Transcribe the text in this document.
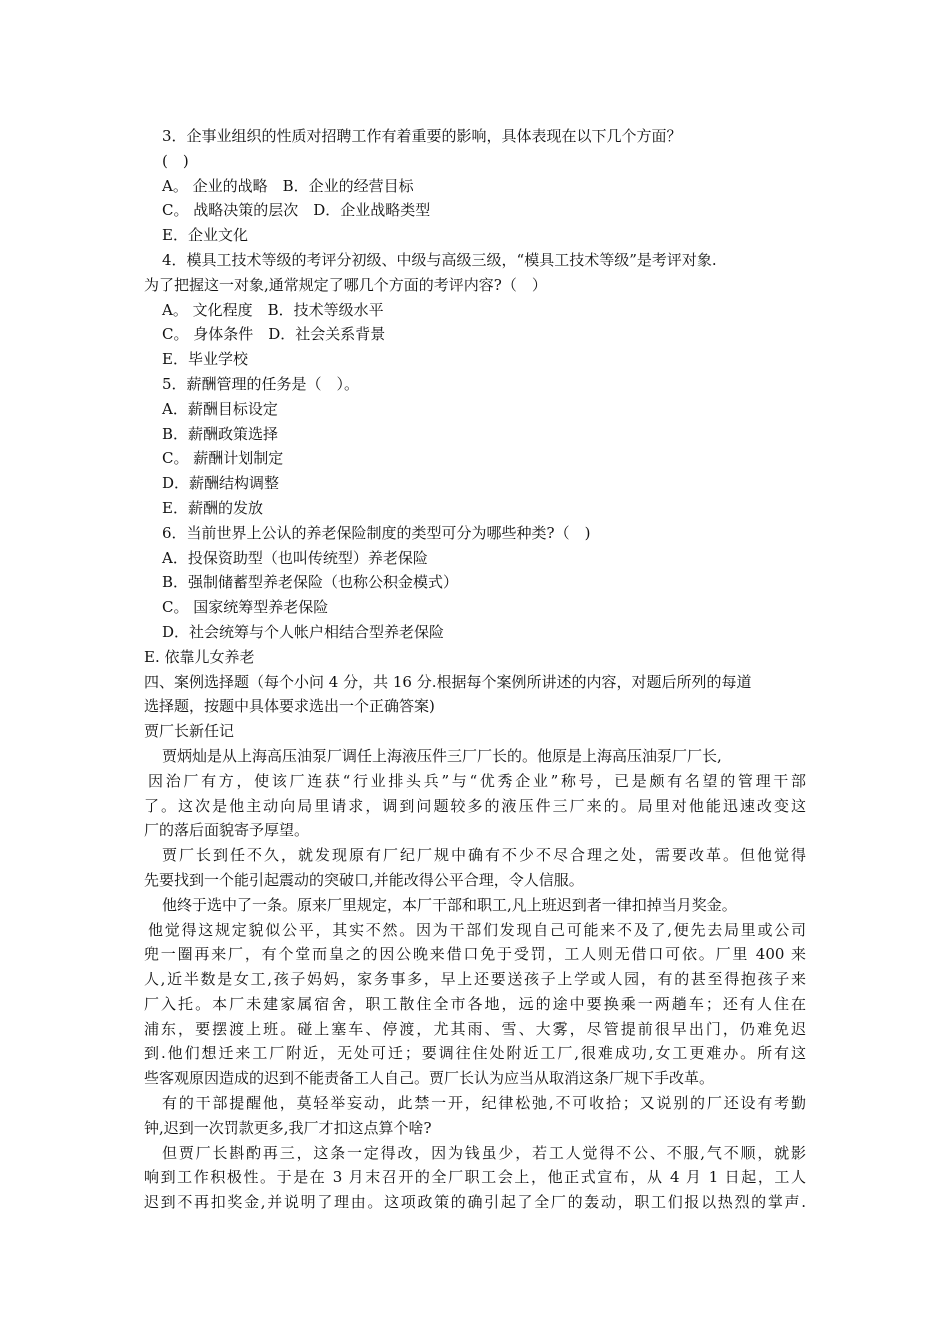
3．企事业组织的性质对招聘工作有着重要的影响，具体表现在以下几个方面？
(　)
A。 企业的战略　B．企业的经营目标
C。 战略决策的层次　D．企业战略类型
E．企业文化
4．模具工技术等级的考评分初级、中级与高级三级，“模具工技术等级”是考评对象.
为了把握这一对象,通常规定了哪几个方面的考评内容?（　）
A。 文化程度　B．技术等级水平
C。 身体条件　D．社会关系背景
E．毕业学校
5．薪酬管理的任务是（　）。
A．薪酬目标设定
B．薪酬政策选择
C。 薪酬计划制定
D．薪酬结构调整
E．薪酬的发放
6．当前世界上公认的养老保险制度的类型可分为哪些种类?（　)
A．投保资助型（也叫传统型）养老保险
B．强制储蓄型养老保险（也称公积金模式）
C。 国家统筹型养老保险
D．社会统筹与个人帐户相结合型养老保险
E. 依靠儿女养老
四、案例选择题（每个小问 4 分，共 16 分.根据每个案例所讲述的内容，对题后所列的每道
选择题，按题中具体要求选出一个正确答案)
贾厂长新任记
贾炳灿是从上海高压油泵厂调任上海液压件三厂厂长的。他原是上海高压油泵厂厂长,
因治厂有方，使该厂连获“行业排头兵”与“优秀企业”称号，已是颇有名望的管理干部
了。这次是他主动向局里请求，调到问题较多的液压件三厂来的。局里对他能迅速改变这
厂的落后面貌寄予厚望。
贾厂长到任不久，就发现原有厂纪厂规中确有不少不尽合理之处，需要改革。但他觉得
先要找到一个能引起震动的突破口,并能改得公平合理，令人信服。
他终于选中了一条。原来厂里规定，本厂干部和职工,凡上班迟到者一律扣掉当月奖金。
他觉得这规定貌似公平，其实不然。因为干部们发现自己可能来不及了,便先去局里或公司
兜一圈再来厂，有个堂而皇之的因公晚来借口免于受罚，工人则无借口可依。厂里 400 来
人,近半数是女工,孩子妈妈，家务事多，早上还要送孩子上学或人园，有的甚至得抱孩子来
厂入托。本厂未建家属宿舍，职工散住全市各地，远的途中要换乘一两趟车；还有人住在
浦东，要摆渡上班。碰上塞车、停渡，尤其雨、雪、大雾，尽管提前很早出门，仍难免迟
到.他们想迁来工厂附近，无处可迁；要调往住处附近工厂,很难成功,女工更难办。所有这
些客观原因造成的迟到不能责备工人自己。贾厂长认为应当从取消这条厂规下手改革。
有的干部提醒他，莫轻举妄动，此禁一开，纪律松弛,不可收拾；又说别的厂还设有考勤
钟,迟到一次罚款更多,我厂才扣这点算个啥?
但贾厂长斟酌再三，这条一定得改，因为钱虽少，若工人觉得不公、不服,气不顺，就影
响到工作积极性。于是在 3 月末召开的全厂职工会上，他正式宣布，从 4 月 1 日起，工人
迟到不再扣奖金,并说明了理由。这项政策的确引起了全厂的轰动，职工们报以热烈的掌声.
